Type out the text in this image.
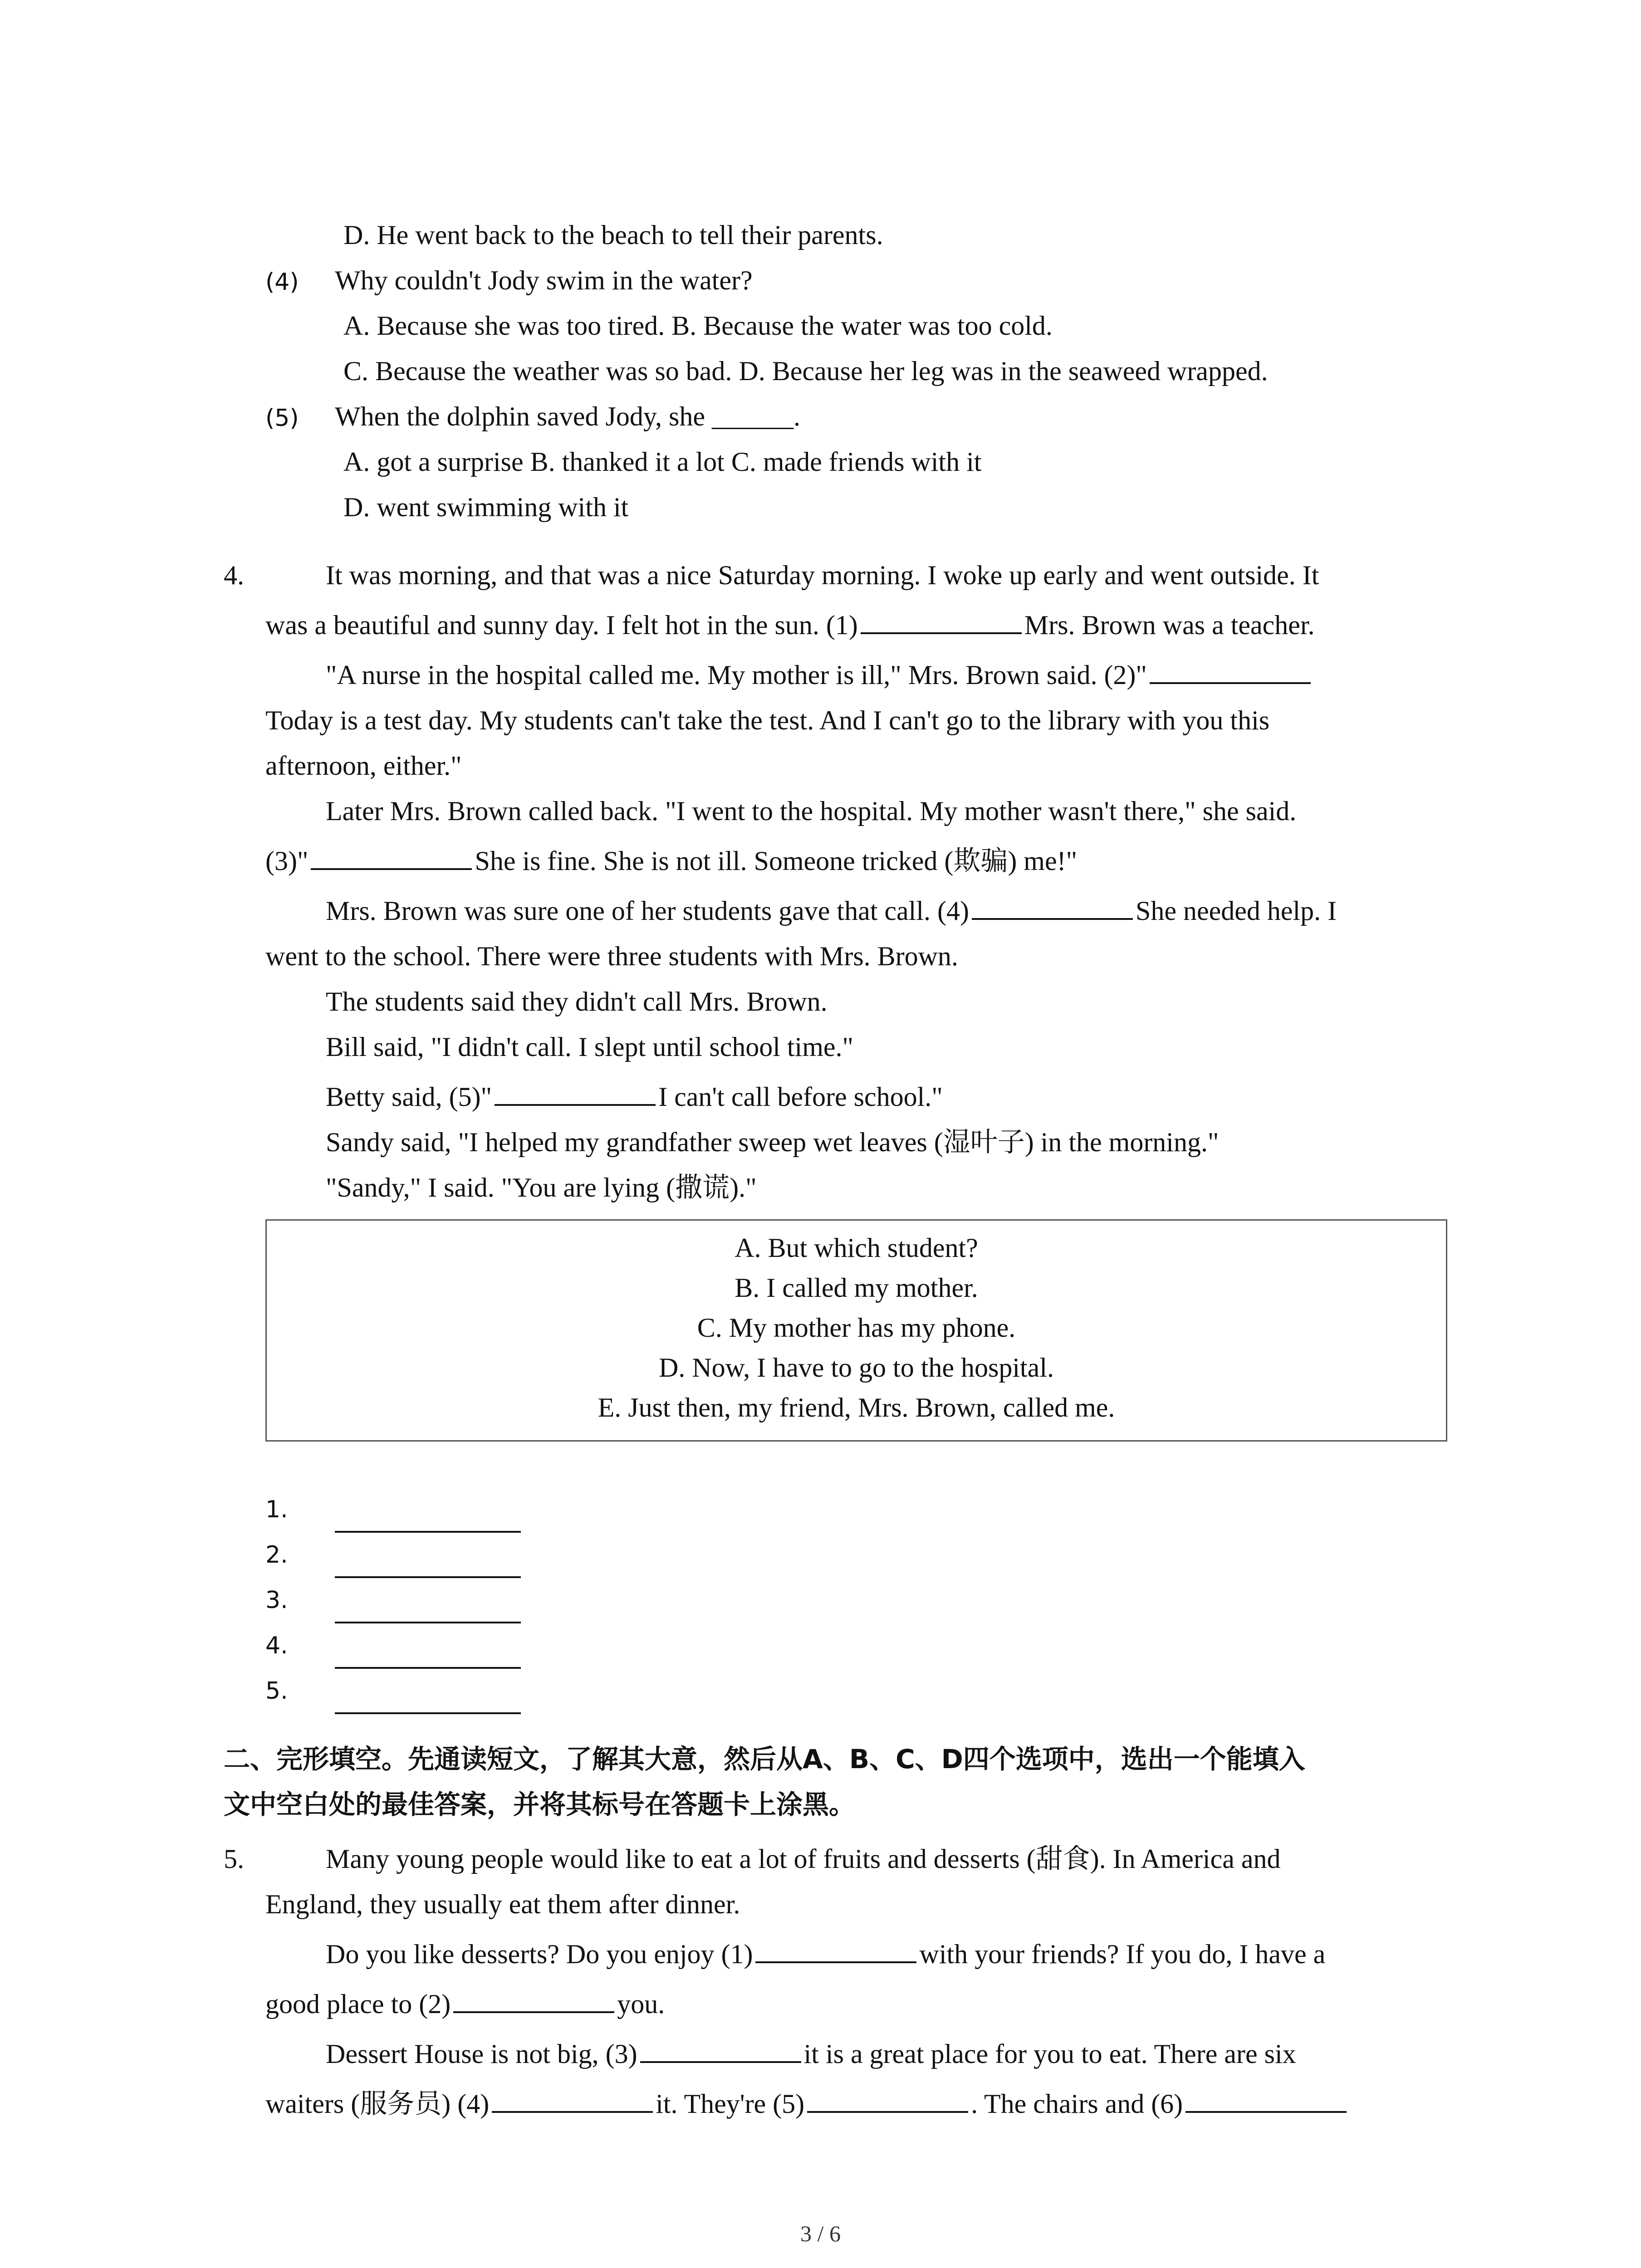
D. He went back to the beach to tell their parents.
(4) Why couldn't Jody swim in the water?
A. Because she was too tired. B. Because the water was too cold.
C. Because the weather was so bad. D. Because her leg was in the seaweed wrapped.
(5) When the dolphin saved Jody, she ______.
A. got a surprise B. thanked it a lot C. made friends with it
D. went swimming with it
4.	It was morning, and that was a nice Saturday morning. I woke up early and went outside. It
was a beautiful and sunny day. I felt hot in the sun. (1)	Mrs. Brown was a teacher.
"A nurse in the hospital called me. My mother is ill," Mrs. Brown said. (2)"
Today is a test day. My students can't take the test. And I can't go to the library with you this
afternoon, either."
Later Mrs. Brown called back. "I went to the hospital. My mother wasn't there," she said.
(3)"	She is fine. She is not ill. Someone tricked (欺骗) me!"
Mrs. Brown was sure one of her students gave that call. (4)	She needed help. I
went to the school. There were three students with Mrs. Brown.
The students said they didn't call Mrs. Brown.
Bill said, "I didn't call. I slept until school time."
Betty said, (5)"	I can't call before school."
Sandy said, "I helped my grandfather sweep wet leaves (湿叶子) in the morning."
"Sandy," I said. "You are lying (撒谎)."
A. But which student?
B. I called my mother.
C. My mother has my phone.
D. Now, I have to go to the hospital.
E. Just then, my friend, Mrs. Brown, called me.
1.
2.
3.
4.
5.
二、完形填空。先通读短文，了解其大意，然后从A、B、C、D四个选项中，选出一个能填入
文中空白处的最佳答案，并将其标号在答题卡上涂黑。
5.	Many young people would like to eat a lot of fruits and desserts (甜食). In America and
England, they usually eat them after dinner.
Do you like desserts? Do you enjoy (1)	with your friends? If you do, I have a
good place to (2)	you.
Dessert House is not big, (3)	it is a great place for you to eat. There are six
waiters (服务员) (4)	it. They're (5)	. The chairs and (6)
3 / 6
